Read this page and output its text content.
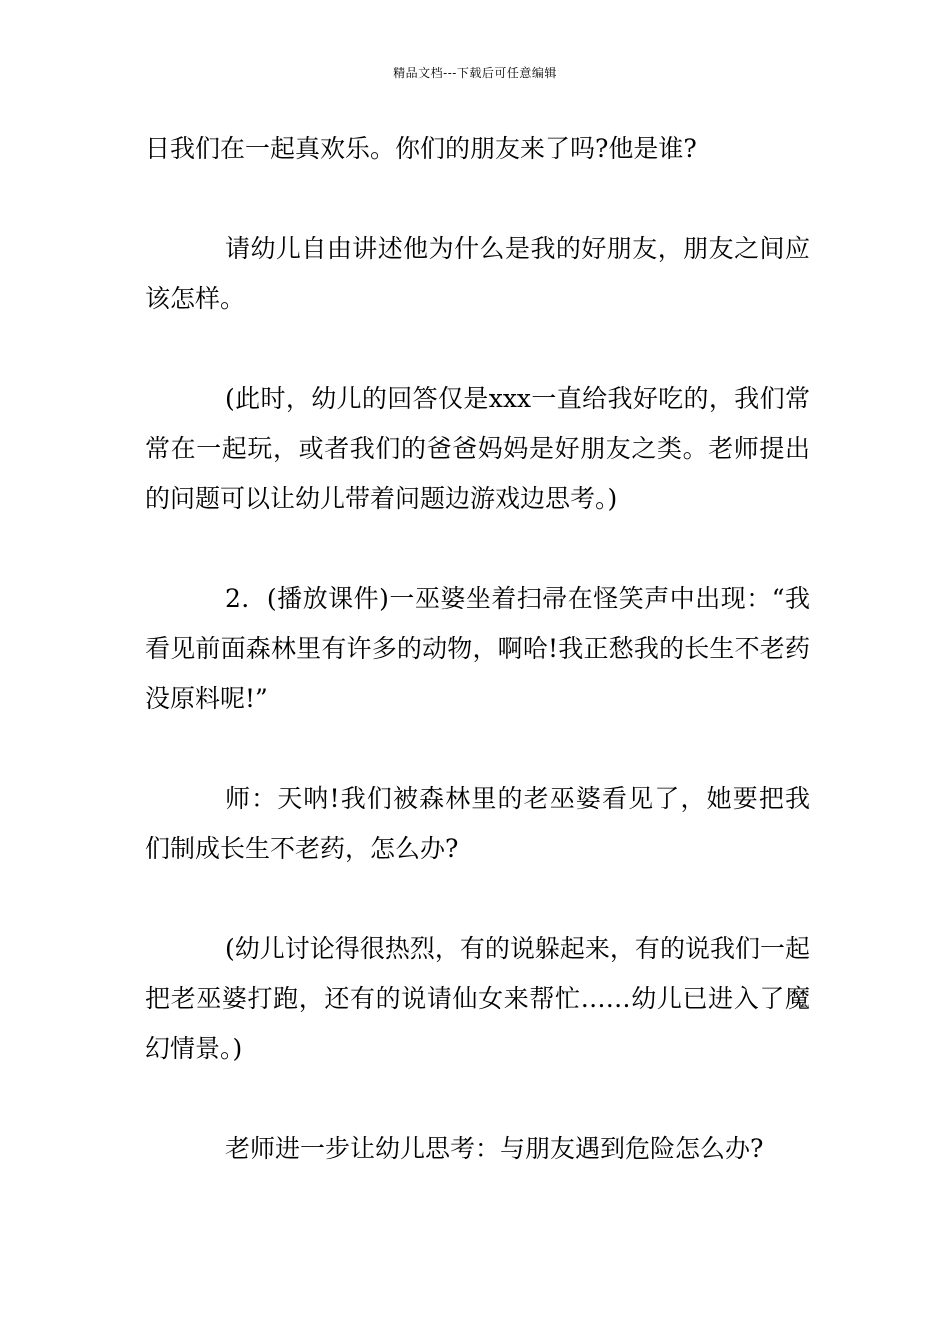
精品文档---下载后可任意编辑

日我们在一起真欢乐。你们的朋友来了吗?他是谁?

请幼儿自由讲述他为什么是我的好朋友，朋友之间应该怎样。

(此时，幼儿的回答仅是xxx一直给我好吃的，我们常常在一起玩，或者我们的爸爸妈妈是好朋友之类。老师提出的问题可以让幼儿带着问题边游戏边思考。)

2．(播放课件)一巫婆坐着扫帚在怪笑声中出现：“我看见前面森林里有许多的动物，啊哈!我正愁我的长生不老药没原料呢!”

师：天呐!我们被森林里的老巫婆看见了，她要把我们制成长生不老药，怎么办?

(幼儿讨论得很热烈，有的说躲起来，有的说我们一起把老巫婆打跑，还有的说请仙女来帮忙……幼儿已进入了魔幻情景。)

老师进一步让幼儿思考：与朋友遇到危险怎么办?
